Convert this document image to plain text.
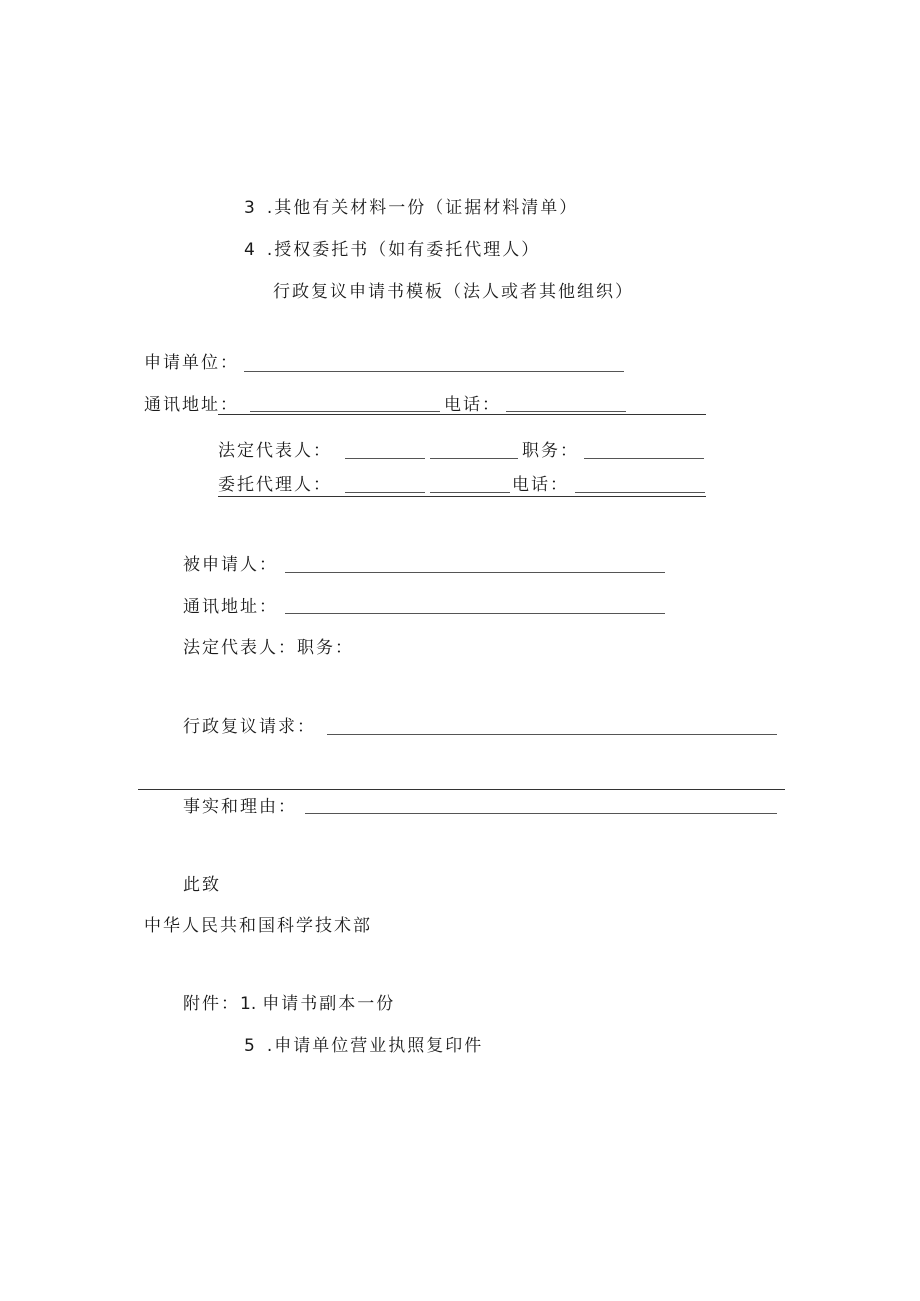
3 .其他有关材料一份（证据材料清单）
4 .授权委托书（如有委托代理人）
行政复议申请书模板（法人或者其他组织）
申请单位：
通讯地址：	电话：
法定代表人：	职务：
委托代理人：	电话：
被申请人：
通讯地址：
法定代表人：职务：
行政复议请求：
事实和理由：
此致
中华人民共和国科学技术部
附件：1. 申请书副本一份
5 .申请单位营业执照复印件
